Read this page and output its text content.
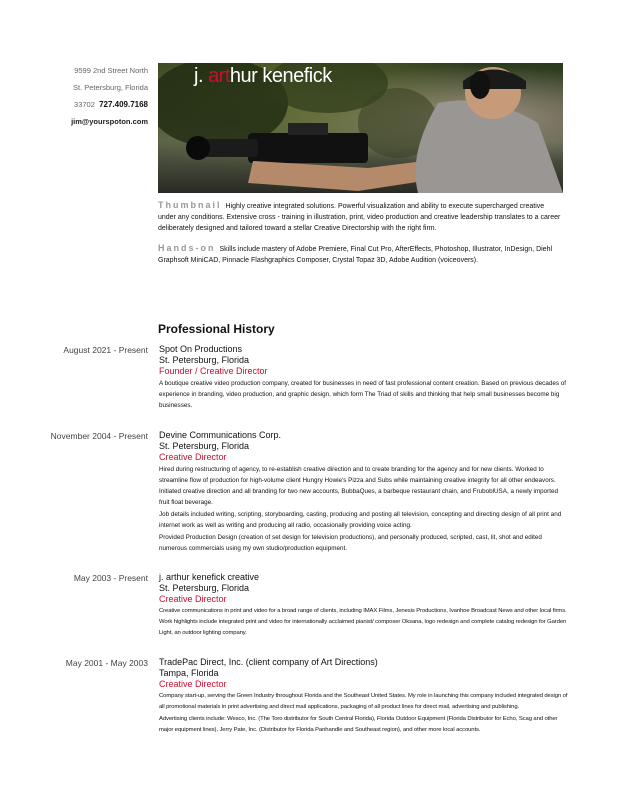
9599 2nd Street North
St. Petersburg, Florida
33702 727.409.7168
jim@yourspoton.com
j. arthur kenefick
Thumbnail Highly creative integrated solutions. Powerful visualization and ability to execute supercharged creative under any conditions. Extensive cross - training in illustration, print, video production and creative leadership translates to a career deliberately designed and tailored toward a stellar Creative Directorship with the right firm.
Hands-on Skills include mastery of Adobe Premiere, Final Cut Pro, AfterEffects, Photoshop, Illustrator, InDesign, Diehl Graphsoft MiniCAD, Pinnacle Flashgraphics Composer, Crystal Topaz 3D, Adobe Audition (voiceovers).
Professional History
August 2021 - Present Spot On Productions
St. Petersburg, Florida
Founder / Creative Director
A boutique creative video production company, created for businesses in need of fast professional content creation. Based on previous decades of experience in branding, video production, and graphic design, which form The Triad of skills and thinking that help small businesses become big businesses.
November 2004 - Present Devine Communications Corp.
St. Petersburg, Florida
Creative Director
Hired during restructuring of agency, to re-establish creative direction and to create branding for the agency and for new clients. Worked to streamline flow of production for high-volume client Hungry Howie's Pizza and Subs while maintaining creative integrity for all other endeavors. Initiated creative direction and all branding for two new accounts, BubbaQues, a barbeque restaurant chain, and FruboblUSA, a newly imported fruit float beverage.
Job details included writing, scripting, storyboarding, casting, producing and posting all television, concepting and directing design of all print and internet work as well as writing and producing all radio, occasionally providing voice acting.
Provided Production Design (creation of set design for television productions), and personally produced, scripted, cast, lit, shot and edited numerous commercials using my own studio/production equipment.
May 2003 - Present j. arthur kenefick creative
St. Petersburg, Florida
Creative Director
Creative communications in print and video for a broad range of clients, including IMAX Films, Jenesis Productions, Ivanhoe Broadcast News and other local firms. Work highlights include integrated print and video for internationally acclaimed pianist/ composer Oksana, logo redesign and complete catalog redesign for Garden Light, an outdoor lighting company.
May 2001 - May 2003 TradePac Direct, Inc. (client company of Art Directions)
Tampa, Florida
Creative Director
Company start-up, serving the Green Industry throughout Florida and the Southeast United States. My role in launching this company included integrated design of all promotional materials in print advertising and direct mail applications, packaging of all product lines for direct mail, advertising and publishing.
Advertising clients include: Wesco, Inc. (The Toro distributor for South Central Florida), Florida Outdoor Equipment (Florida Distributor for Echo, Scag and other major equipment lines), Jerry Pate, Inc. (Distributor for Florida Panhandle and Southeast region), and other more local accounts.
